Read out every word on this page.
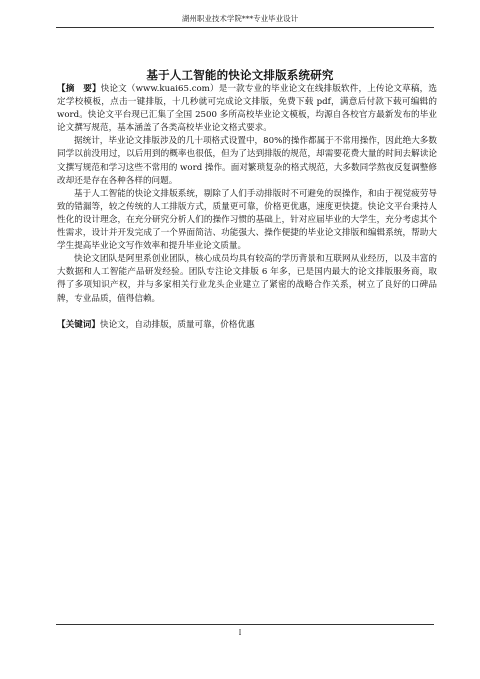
湖州职业技术学院***专业毕业设计
基于人工智能的快论文排版系统研究

【摘　要】快论文（www.kuai65.com）是一款专业的毕业论文在线排版软件，上传论文草稿，选定学校模板，点击一键排版，十几秒就可完成论文排版，免费下载 pdf，满意后付款下载可编辑的 word。快论文平台现已汇集了全国 2500 多所高校毕业论文模板，均源自各校官方最新发布的毕业论文撰写规范，基本涵盖了各类高校毕业论文格式要求。

据统计，毕业论文排版涉及的几十项格式设置中，80%的操作都属于不常用操作，因此绝大多数同学以前没用过，以后用到的概率也很低，但为了达到排版的规范，却需要花费大量的时间去解读论文撰写规范和学习这些不常用的 word 操作。面对繁琐复杂的格式规范，大多数同学熬夜反复调整修改却还是存在各种各样的问题。

基于人工智能的快论文排版系统，剔除了人们手动排版时不可避免的误操作，和由于视觉疲劳导致的错漏等，较之传统的人工排版方式，质量更可靠，价格更优惠，速度更快捷。快论文平台秉持人性化的设计理念，在充分研究分析人们的操作习惯的基础上，针对应届毕业的大学生，充分考虑其个性需求，设计并开发完成了一个界面简洁、功能强大、操作便捷的毕业论文排版和编辑系统，帮助大学生提高毕业论文写作效率和提升毕业论文质量。

快论文团队是阿里系创业团队，核心成员均具有较高的学历背景和互联网从业经历，以及丰富的大数据和人工智能产品研发经验。团队专注论文排版 6 年多，已是国内最大的论文排版服务商，取得了多项知识产权，并与多家相关行业龙头企业建立了紧密的战略合作关系，树立了良好的口碑品牌，专业品质，值得信赖。

【关键词】快论文，自动排版，质量可靠，价格优惠

I
